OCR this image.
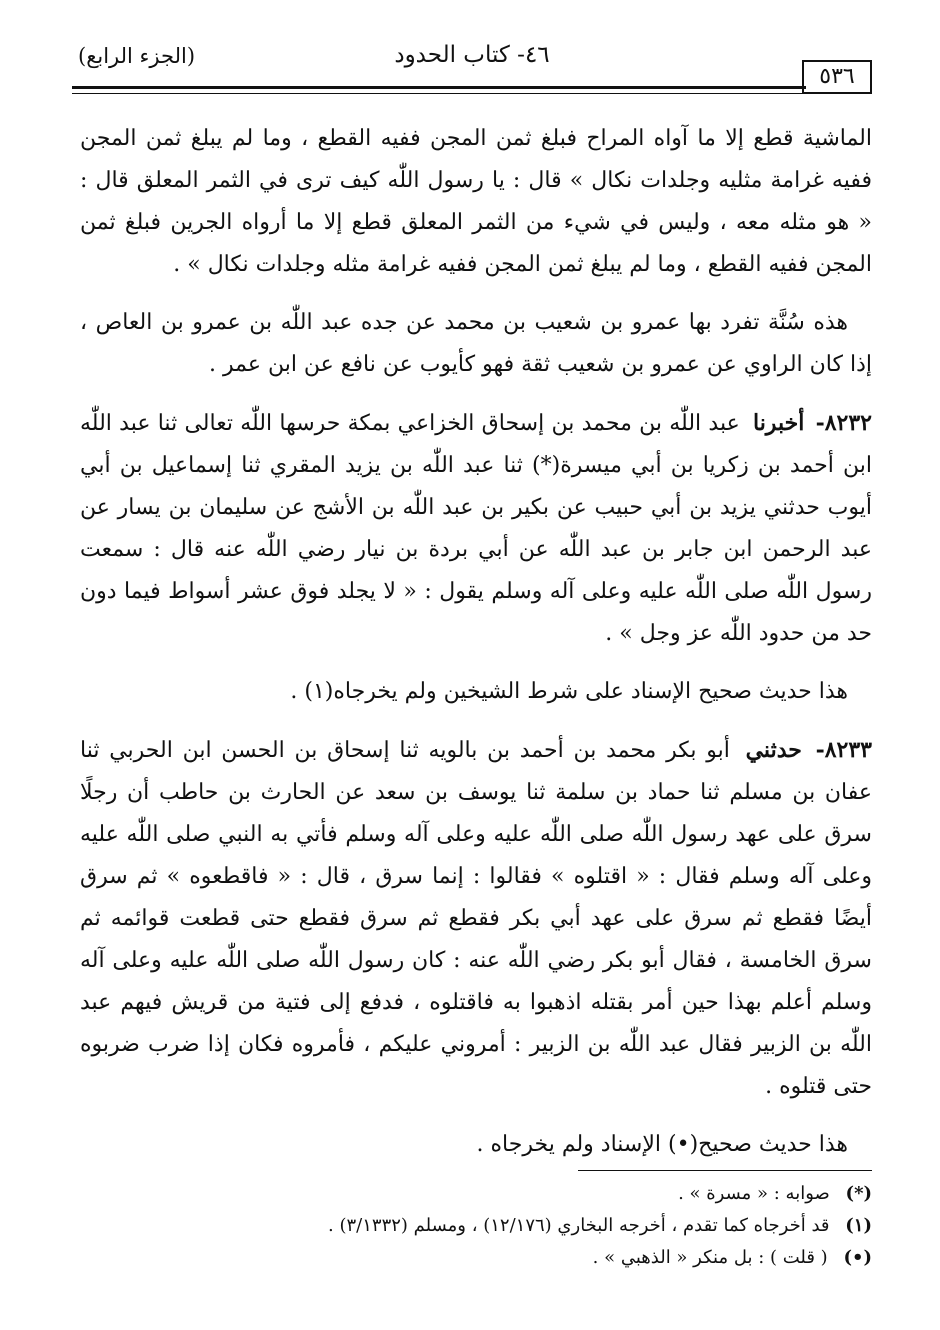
(الجزء الرابع)	٤٦- كتاب الحدود
٥٣٦

الماشية قطع إلا ما آواه المراح فبلغ ثمن المجن ففيه القطع ، وما لم يبلغ ثمن المجن ففيه غرامة مثليه وجلدات نكال » قال : يا رسول اللّٰه كيف ترى في الثمر المعلق قال : « هو مثله معه ، وليس في شيء من الثمر المعلق قطع إلا ما أرواه الجرين فبلغ ثمن المجن ففيه القطع ، وما لم يبلغ ثمن المجن ففيه غرامة مثله وجلدات نكال » .

هذه سُنَّة تفرد بها عمرو بن شعيب بن محمد عن جده عبد اللّٰه بن عمرو بن العاص ، إذا كان الراوي عن عمرو بن شعيب ثقة فهو كأيوب عن نافع عن ابن عمر .

٨٢٣٢- أخبرنا عبد اللّٰه بن محمد بن إسحاق الخزاعي بمكة حرسها اللّٰه تعالى ثنا عبد اللّٰه ابن أحمد بن زكريا بن أبي ميسرة(*) ثنا عبد اللّٰه بن يزيد المقري ثنا إسماعيل بن أبي أيوب حدثني يزيد بن أبي حبيب عن بكير بن عبد اللّٰه بن الأشج عن سليمان بن يسار عن عبد الرحمن ابن جابر بن عبد اللّٰه عن أبي بردة بن نيار رضي اللّٰه عنه قال : سمعت رسول اللّٰه صلى اللّٰه عليه وعلى آله وسلم يقول : « لا يجلد فوق عشر أسواط فيما دون حد من حدود اللّٰه عز وجل » .

هذا حديث صحيح الإسناد على شرط الشيخين ولم يخرجاه(١) .

٨٢٣٣- حدثني أبو بكر محمد بن أحمد بن بالويه ثنا إسحاق بن الحسن ابن الحربي ثنا عفان بن مسلم ثنا حماد بن سلمة ثنا يوسف بن سعد عن الحارث بن حاطب أن رجلًا سرق على عهد رسول اللّٰه صلى اللّٰه عليه وعلى آله وسلم فأتي به النبي صلى اللّٰه عليه وعلى آله وسلم فقال : « اقتلوه » فقالوا : إنما سرق ، قال : « فاقطعوه » ثم سرق أيضًا فقطع ثم سرق على عهد أبي بكر فقطع ثم سرق فقطع حتى قطعت قوائمه ثم سرق الخامسة ، فقال أبو بكر رضي اللّٰه عنه : كان رسول اللّٰه صلى اللّٰه عليه وعلى آله وسلم أعلم بهذا حين أمر بقتله اذهبوا به فاقتلوه ، فدفع إلى فتية من قريش فيهم عبد اللّٰه بن الزبير فقال عبد اللّٰه بن الزبير : أمروني عليكم ، فأمروه فكان إذا ضرب ضربوه حتى قتلوه .

هذا حديث صحيح(•) الإسناد ولم يخرجاه .

(*) صوابه : « مسرة » .
(١) قد أخرجاه كما تقدم ، أخرجه البخاري (١٢/١٧٦) ، ومسلم (٣/١٣٣٢) .
(•) ( قلت ) : بل منكر « الذهبي » .
